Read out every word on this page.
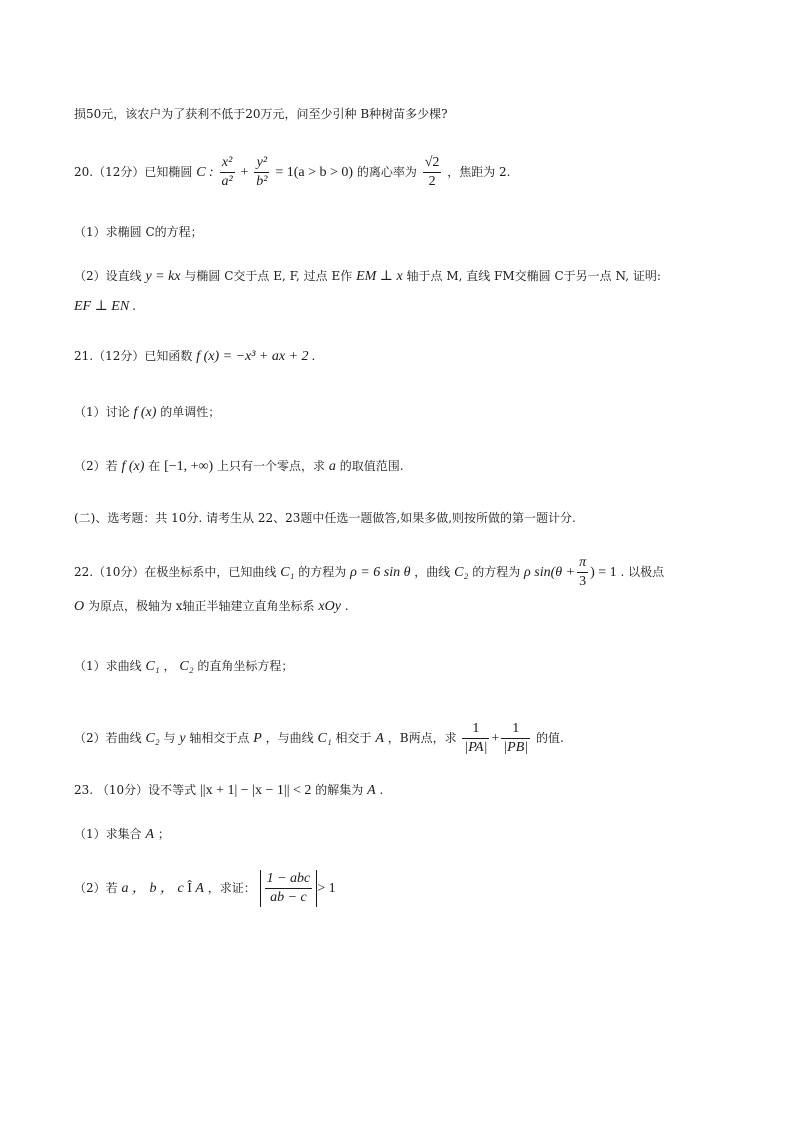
损50元，该农户为了获利不低于20万元，问至少引种 B种树苗多少棵?
20.（12分）已知椭圆 C : $\frac{\text{x²}}{\text{a²}} + \frac{\text{y²}}{\text{b²}} = 1(a > b > 0)$ 的离心率为 $\frac{√2}{2}$ ，焦距为 2.
（1）求椭圆 C的方程；
（2）设直线 y = kx 与椭圆 C交于点 E, F, 过点 E作 EM ⊥ x 轴于点 M, 直线 FM交椭圆 C于另一点 N, 证明:
EF ⊥ EN .
21.（12分）已知函数 f (x) = −x³ + ax + 2 .
（1）讨论 f (x) 的单调性；
（2）若 f (x) 在 [−1, +∞) 上只有一个零点，求 a 的取值范围.
(二)、选考题：共 10分. 请考生从 22、23题中任选一题做答,如果多做,则按所做的第一题计分.
22.（10分）在极坐标系中，已知曲线 C₁ 的方程为 ρ = 6 sin θ ，曲线 C₂ 的方程为 ρ $\sin(\theta + \frac{\pi}{3}$ ) = 1 . 以极点
O 为原点，极轴为 x轴正半轴建立直角坐标系 xOy .
（1）求曲线 C₁ ， C₂ 的直角坐标方程；
（2）若曲线 C₂ 与 y 轴相交于点 P ，与曲线 C₁ 相交于 A ，B两点，求 $\frac{1}{|PA|} + \frac{1}{|PB|}$ 的值.
23. （10分）设不等式 ||x + 1| − |x − 1|| < 2 的解集为 A .
（1）求集合 A ；
（2）若 a ， b ， c Î A ，求证： $\frac{\text{1 − abc}}{ab - c} > 1$
